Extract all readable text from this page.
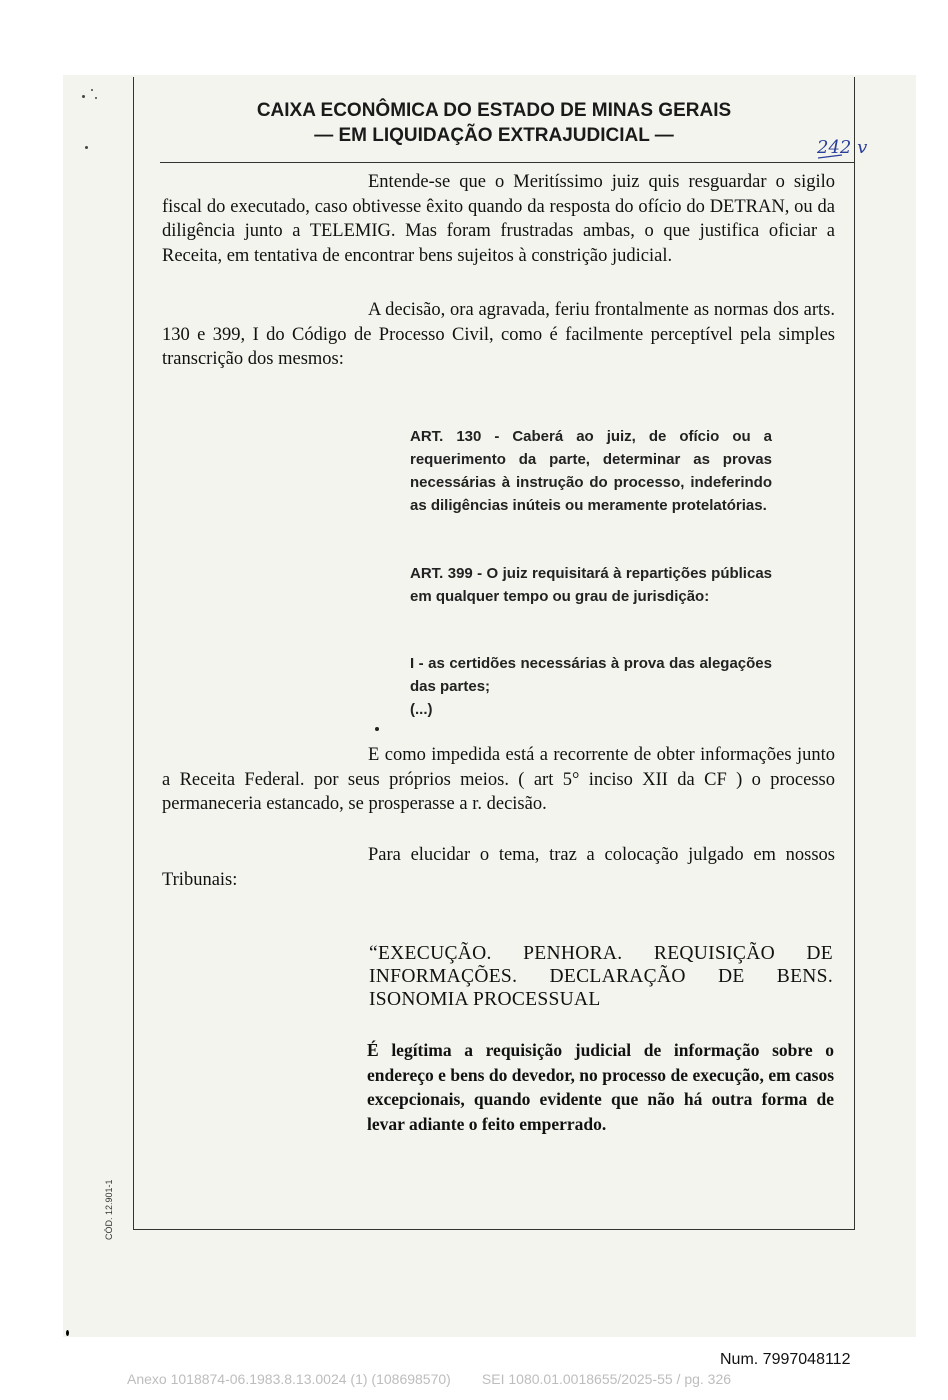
CAIXA ECONÔMICA DO ESTADO DE MINAS GERAIS
— EM LIQUIDAÇÃO EXTRAJUDICIAL —
242 v
Entende-se que o Meritíssimo juiz quis resguardar o sigilo fiscal do executado, caso obtivesse êxito quando da resposta do ofício do DETRAN, ou da diligência junto a TELEMIG. Mas foram frustradas ambas, o que justifica oficiar a Receita, em tentativa de encontrar bens sujeitos à constrição judicial.
A decisão, ora agravada, feriu frontalmente as normas dos arts. 130 e 399, I do Código de Processo Civil, como é facilmente perceptível pela simples transcrição dos mesmos:
ART. 130 - Caberá ao juiz, de ofício ou a requerimento da parte, determinar as provas necessárias à instrução do processo, indeferindo as diligências inúteis ou meramente protelatórias.
ART. 399 - O juiz requisitará à repartições públicas em qualquer tempo ou grau de jurisdição:
I - as certidões necessárias à prova das alegações das partes;
(...)
E como impedida está a recorrente de obter informações junto a Receita Federal. por seus próprios meios. ( art 5° inciso XII da CF ) o processo permaneceria estancado, se prosperasse a r. decisão.
Para elucidar o tema, traz a colocação julgado em nossos Tribunais:
“EXECUÇÃO. PENHORA. REQUISIÇÃO DE INFORMAÇÕES. DECLARAÇÃO DE BENS. ISONOMIA PROCESSUAL
É legítima a requisição judicial de informação sobre o endereço e bens do devedor, no processo de execução, em casos excepcionais, quando evidente que não há outra forma de levar adiante o feito emperrado.
CÓD. 12.901-1
Num. 7997048112
Anexo 1018874-06.1983.8.13.0024 (1) (108698570)        SEI 1080.01.0018655/2025-55 / pg. 326
